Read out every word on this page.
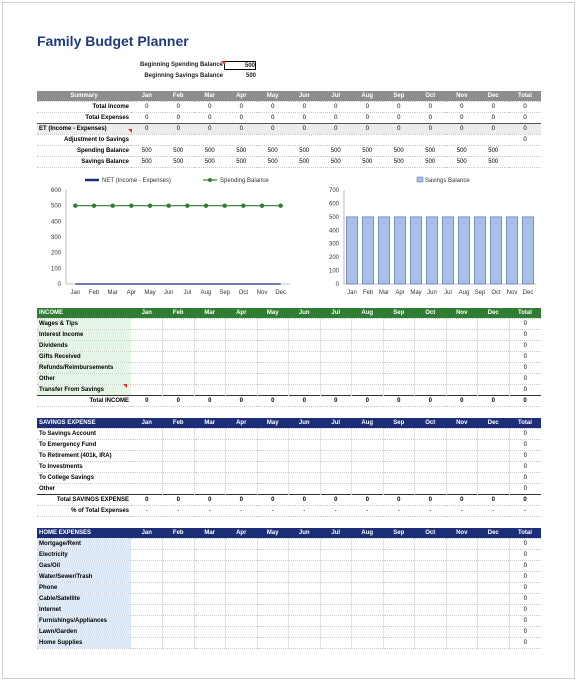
Family Budget Planner
Beginning Spending Balance	500
Beginning Savings Balance	500
Summary	Jan	Feb	Mar	Apr	May	Jun	Jul	Aug	Sep	Oct	Nov	Dec	Total
Total Income	0	0	0	0	0	0	0	0	0	0	0	0	0
Total Expenses	0	0	0	0	0	0	0	0	0	0	0	0	0
ET (Income - Expenses)	0	0	0	0	0	0	0	0	0	0	0	0	0
Adjustment to Savings													0
Spending Balance	500	500	500	500	500	500	500	500	500	500	500	500	
Savings Balance	500	500	500	500	500	500	500	500	500	500	500	500	
0
100
200
300
400
500
600
Jan Feb Mar Apr May Jun Jul Aug Sep Oct Nov Dec
NET (Income - Expenses)	Spending Balance
0
100
200
300
400
500
600
700
Jan Feb Mar Apr May Jun Jul Aug Sep Oct Nov Dec
Savings Balance
INCOME	Jan	Feb	Mar	Apr	May	Jun	Jul	Aug	Sep	Oct	Nov	Dec	Total
Wages & Tips													0
Interest Income													0
Dividends													0
Gifts Received													0
Refunds/Reimbursements													0
Other													0
Transfer From Savings													0
Total INCOME	0	0	0	0	0	0	0	0	0	0	0	0	0
SAVINGS EXPENSE	Jan	Feb	Mar	Apr	May	Jun	Jul	Aug	Sep	Oct	Nov	Dec	Total
To Savings Account													0
To Emergency Fund													0
To Retirement (401k, IRA)													0
To Investments													0
To College Savings													0
Other													0
Total SAVINGS EXPENSE	0	0	0	0	0	0	0	0	0	0	0	0	0
% of Total Expenses	-	-	-	-	-	-	-	-	-	-	-	-	-
HOME EXPENSES	Jan	Feb	Mar	Apr	May	Jun	Jul	Aug	Sep	Oct	Nov	Dec	Total
Mortgage/Rent													0
Electricity													0
Gas/Oil													0
Water/Sewer/Trash													0
Phone													0
Cable/Satellite													0
Internet													0
Furnishings/Appliances													0
Lawn/Garden													0
Home Supplies													0
